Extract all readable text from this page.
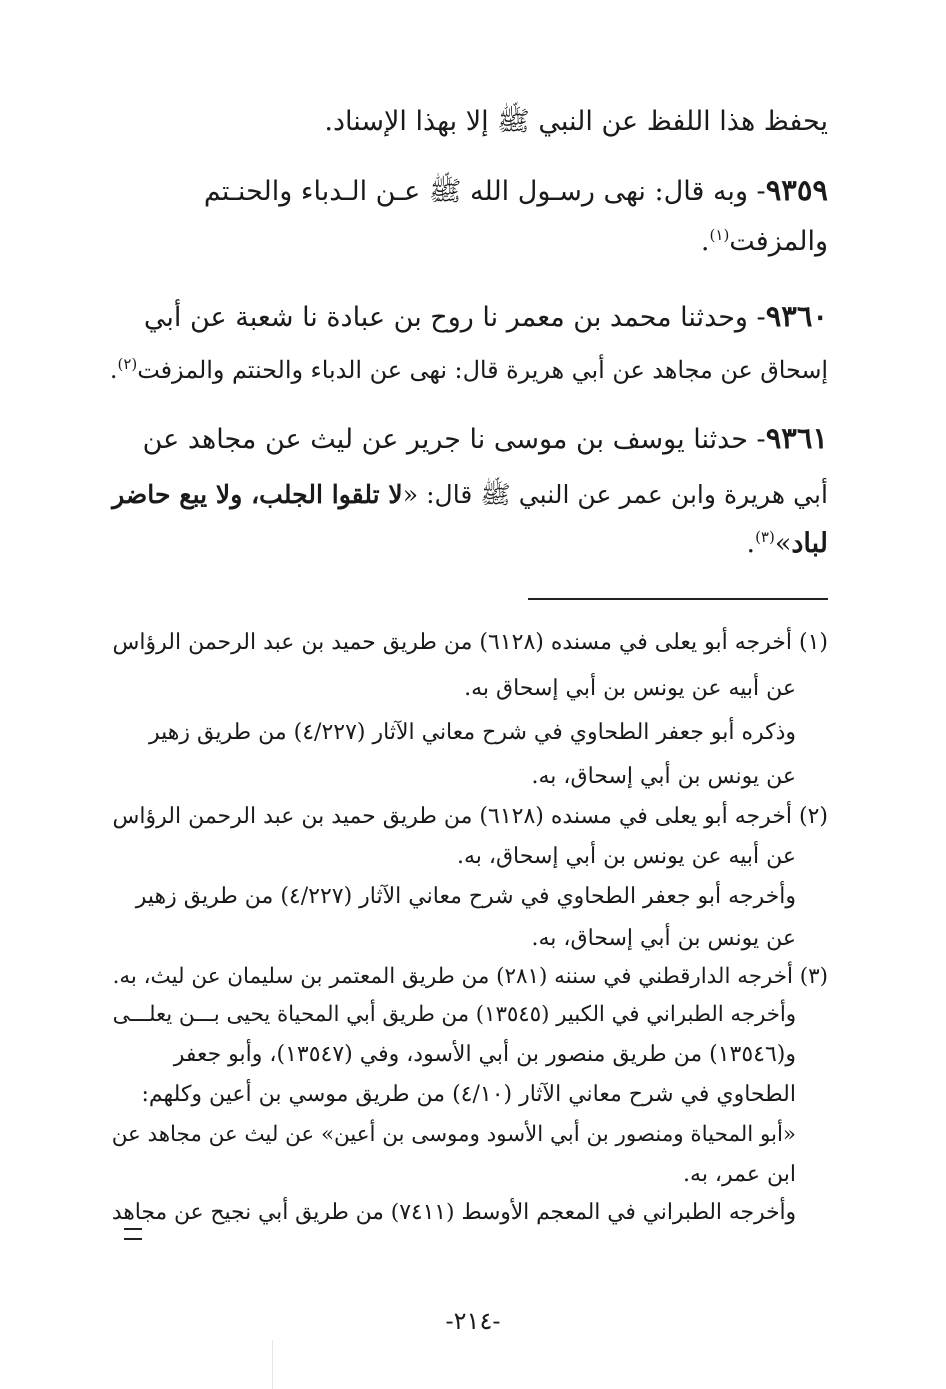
يحفظ هذا اللفظ عن النبي ﷺ إلا بهذا الإسناد.
٩٣٥٩- وبه قال: نهى رسـول الله ﷺ عـن الـدباء والحنـتم
والمزفت$^{(١)}$.
٩٣٦٠- وحدثنا محمد بن معمر نا روح بن عبادة نا شعبة عن أبي
إسحاق عن مجاهد عن أبي هريرة قال: نهى عن الدباء والحنتم والمزفت$^{(٢)}$.
٩٣٦١- حدثنا يوسف بن موسى نا جرير عن ليث عن مجاهد عن
أبي هريرة وابن عمر عن النبي ﷺ قال: «لا تلقوا الجلب، ولا يبع حاضر
لباد»$^{(٣)}$.
(١) أخرجه أبو يعلى في مسنده (٦١٢٨) من طريق حميد بن عبد الرحمن الرؤاس
عن أبيه عن يونس بن أبي إسحاق به.
وذكره أبو جعفر الطحاوي في شرح معاني الآثار (٤/٢٢٧) من طريق زهير
عن يونس بن أبي إسحاق، به.
(٢) أخرجه أبو يعلى في مسنده (٦١٢٨) من طريق حميد بن عبد الرحمن الرؤاس
عن أبيه عن يونس بن أبي إسحاق، به.
وأخرجه أبو جعفر الطحاوي في شرح معاني الآثار (٤/٢٢٧) من طريق زهير
عن يونس بن أبي إسحاق، به.
(٣) أخرجه الدارقطني في سننه (٢٨١) من طريق المعتمر بن سليمان عن ليث، به.
وأخرجه الطبراني في الكبير (١٣٥٤٥) من طريق أبي المحياة يحيى بـــن يعلـــى
و(١٣٥٤٦) من طريق منصور بن أبي الأسود، وفي (١٣٥٤٧)، وأبو جعفر
الطحاوي في شرح معاني الآثار (٤/١٠) من طريق موسي بن أعين وكلهم:
«أبو المحياة ومنصور بن أبي الأسود وموسى بن أعين» عن ليث عن مجاهد عن
ابن عمر، به.
وأخرجه الطبراني في المعجم الأوسط (٧٤١١) من طريق أبي نجيح عن مجاهد
-٢١٤-
